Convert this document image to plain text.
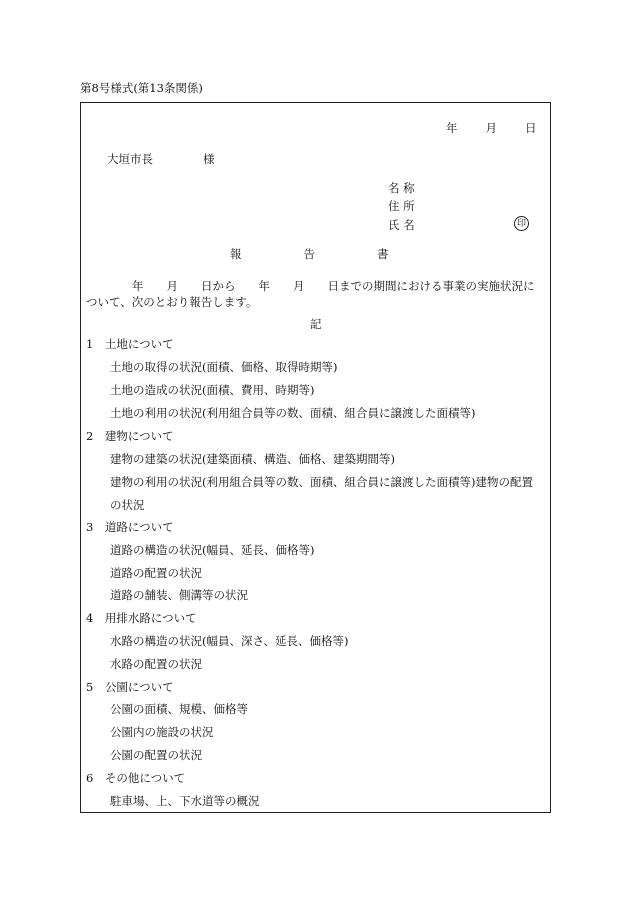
第8号様式(第13条関係)
年 月 日
大垣市長	様
名 称
住 所
氏 名	印
報	告	書
年　　月　　日から　　年　　月　　日までの期間における事業の実施状況に
ついて、次のとおり報告します。
記
1　土地について
土地の取得の状況(面積、価格、取得時期等)
土地の造成の状況(面積、費用、時期等)
土地の利用の状況(利用組合員等の数、面積、組合員に譲渡した面積等)
2　建物について
建物の建築の状況(建築面積、構造、価格、建築期間等)
建物の利用の状況(利用組合員等の数、面積、組合員に譲渡した面積等)建物の配置
の状況
3　道路について
道路の構造の状況(幅員、延長、価格等)
道路の配置の状況
道路の舗装、側溝等の状況
4　用排水路について
水路の構造の状況(幅員、深さ、延長、価格等)
水路の配置の状況
5　公園について
公園の面積、規模、価格等
公園内の施設の状況
公園の配置の状況
6　その他について
駐車場、上、下水道等の概況
